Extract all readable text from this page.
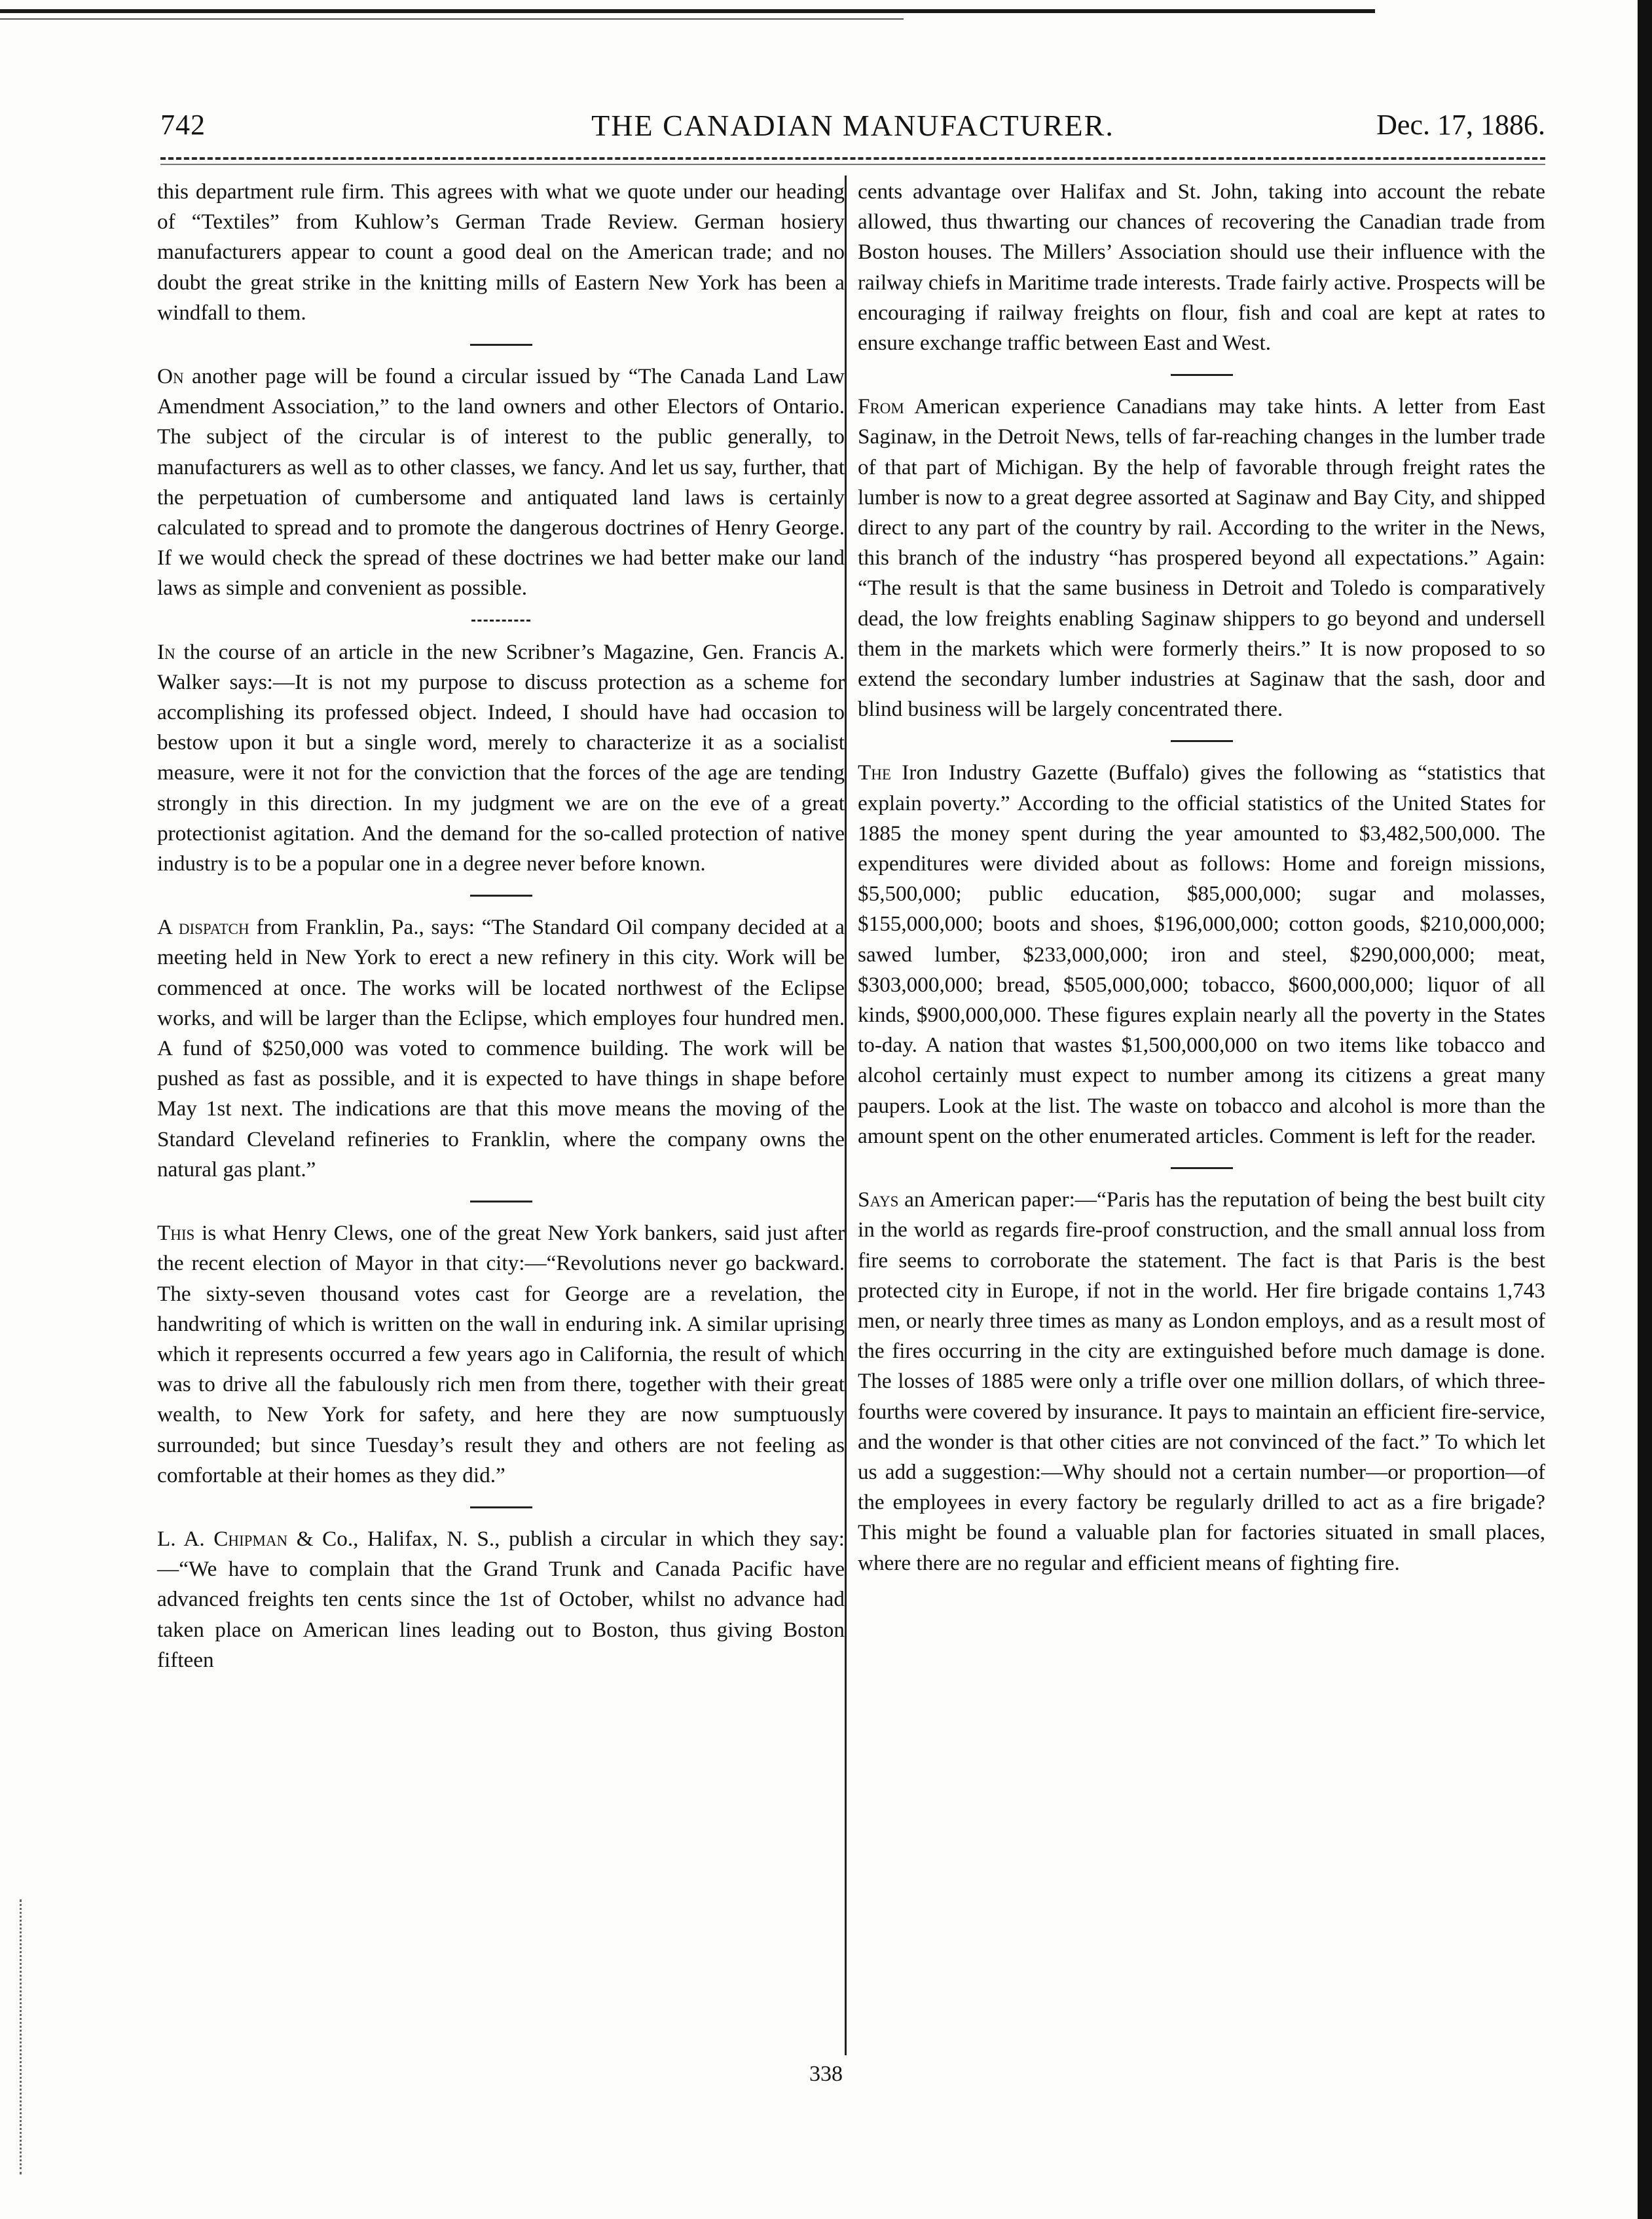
742	THE CANADIAN MANUFACTURER.	Dec. 17, 1886.

this department rule firm. This agrees with what we quote under our heading of “Textiles” from Kuhlow’s German Trade Review. German hosiery manufacturers appear to count a good deal on the American trade; and no doubt the great strike in the knitting mills of Eastern New York has been a windfall to them.

On another page will be found a circular issued by “The Canada Land Law Amendment Association,” to the land owners and other Electors of Ontario. The subject of the circular is of interest to the public generally, to manufacturers as well as to other classes, we fancy. And let us say, further, that the perpetuation of cumbersome and antiquated land laws is certainly calculated to spread and to promote the dangerous doctrines of Henry George. If we would check the spread of these doctrines we had better make our land laws as simple and convenient as possible.

In the course of an article in the new Scribner’s Magazine, Gen. Francis A. Walker says:—It is not my purpose to discuss protection as a scheme for accomplishing its professed object. Indeed, I should have had occasion to bestow upon it but a single word, merely to characterize it as a socialist measure, were it not for the conviction that the forces of the age are tending strongly in this direction. In my judgment we are on the eve of a great protectionist agitation. And the demand for the so-called protection of native industry is to be a popular one in a degree never before known.

A dispatch from Franklin, Pa., says: “The Standard Oil company decided at a meeting held in New York to erect a new refinery in this city. Work will be commenced at once. The works will be located northwest of the Eclipse works, and will be larger than the Eclipse, which employes four hundred men. A fund of $250,000 was voted to commence building. The work will be pushed as fast as possible, and it is expected to have things in shape before May 1st next. The indications are that this move means the moving of the Standard Cleveland refineries to Franklin, where the company owns the natural gas plant.”

This is what Henry Clews, one of the great New York bankers, said just after the recent election of Mayor in that city:—“Revolutions never go backward. The sixty-seven thousand votes cast for George are a revelation, the handwriting of which is written on the wall in enduring ink. A similar uprising which it represents occurred a few years ago in California, the result of which was to drive all the fabulously rich men from there, together with their great wealth, to New York for safety, and here they are now sumptuously surrounded; but since Tuesday’s result they and others are not feeling as comfortable at their homes as they did.”

L. A. Chipman & Co., Halifax, N. S., publish a circular in which they say:—“We have to complain that the Grand Trunk and Canada Pacific have advanced freights ten cents since the 1st of October, whilst no advance had taken place on American lines leading out to Boston, thus giving Boston fifteen

cents advantage over Halifax and St. John, taking into account the rebate allowed, thus thwarting our chances of recovering the Canadian trade from Boston houses. The Millers’ Association should use their influence with the railway chiefs in Maritime trade interests. Trade fairly active. Prospects will be encouraging if railway freights on flour, fish and coal are kept at rates to ensure exchange traffic between East and West.

From American experience Canadians may take hints. A letter from East Saginaw, in the Detroit News, tells of far-reaching changes in the lumber trade of that part of Michigan. By the help of favorable through freight rates the lumber is now to a great degree assorted at Saginaw and Bay City, and shipped direct to any part of the country by rail. According to the writer in the News, this branch of the industry “has prospered beyond all expectations.” Again: “The result is that the same business in Detroit and Toledo is comparatively dead, the low freights enabling Saginaw shippers to go beyond and undersell them in the markets which were formerly theirs.” It is now proposed to so extend the secondary lumber industries at Saginaw that the sash, door and blind business will be largely concentrated there.

The Iron Industry Gazette (Buffalo) gives the following as “statistics that explain poverty.” According to the official statistics of the United States for 1885 the money spent during the year amounted to $3,482,500,000. The expenditures were divided about as follows: Home and foreign missions, $5,500,000; public education, $85,000,000; sugar and molasses, $155,000,000; boots and shoes, $196,000,000; cotton goods, $210,000,000; sawed lumber, $233,000,000; iron and steel, $290,000,000; meat, $303,000,000; bread, $505,000,000; tobacco, $600,000,000; liquor of all kinds, $900,000,000. These figures explain nearly all the poverty in the States to-day. A nation that wastes $1,500,000,000 on two items like tobacco and alcohol certainly must expect to number among its citizens a great many paupers. Look at the list. The waste on tobacco and alcohol is more than the amount spent on the other enumerated articles. Comment is left for the reader.

Says an American paper:—“Paris has the reputation of being the best built city in the world as regards fire-proof construction, and the small annual loss from fire seems to corroborate the statement. The fact is that Paris is the best protected city in Europe, if not in the world. Her fire brigade contains 1,743 men, or nearly three times as many as London employs, and as a result most of the fires occurring in the city are extinguished before much damage is done. The losses of 1885 were only a trifle over one million dollars, of which three-fourths were covered by insurance. It pays to maintain an efficient fire-service, and the wonder is that other cities are not convinced of the fact.” To which let us add a suggestion:—Why should not a certain number—or proportion—of the employees in every factory be regularly drilled to act as a fire brigade? This might be found a valuable plan for factories situated in small places, where there are no regular and efficient means of fighting fire.

338
